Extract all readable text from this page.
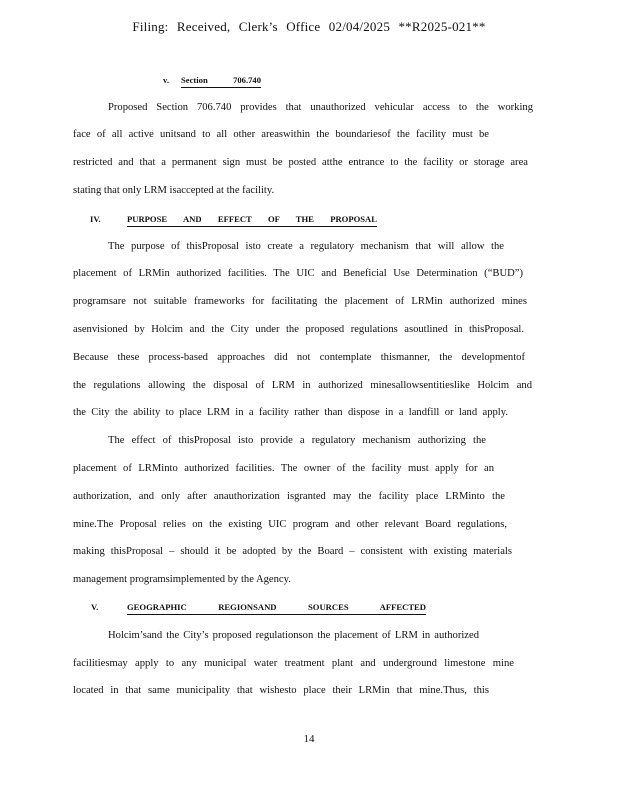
Filing: Received, Clerk’s Office 02/04/2025 **R2025-021**
v. Section 706.740
Proposed Section 706.740 provides that unauthorized vehicular access to the working
face of all active unitsand to all other areaswithin the boundariesof the facility must be
restricted and that a permanent sign must be posted atthe entrance to the facility or storage area
stating that only LRM isaccepted at the facility.
IV.	PURPOSE AND EFFECT OF THE PROPOSAL
The purpose of thisProposal isto create a regulatory mechanism that will allow the
placement of LRMin authorized facilities. The UIC and Beneficial Use Determination (“BUD”)
programsare not suitable frameworks for facilitating the placement of LRMin authorized mines
asenvisioned by Holcim and the City under the proposed regulations asoutlined in thisProposal.
Because these process-based approaches did not contemplate thismanner, the developmentof
the regulations allowing the disposal of LRM in authorized minesallowsentitieslike Holcim and
the City the ability to place LRM in a facility rather than dispose in a landfill or land apply.
The effect of thisProposal isto provide a regulatory mechanism authorizing the
placement of LRMinto authorized facilities. The owner of the facility must apply for an
authorization, and only after anauthorization isgranted may the facility place LRMinto the
mine.The Proposal relies on the existing UIC program and other relevant Board regulations,
making thisProposal – should it be adopted by the Board – consistent with existing materials
management programsimplemented by the Agency.
V.	GEOGRAPHIC REGIONSAND SOURCES AFFECTED
Holcim’sand the City’s proposed regulationson the placement of LRM in authorized
facilitiesmay apply to any municipal water treatment plant and underground limestone mine
located in that same municipality that wishesto place their LRMin that mine.Thus, this
14
